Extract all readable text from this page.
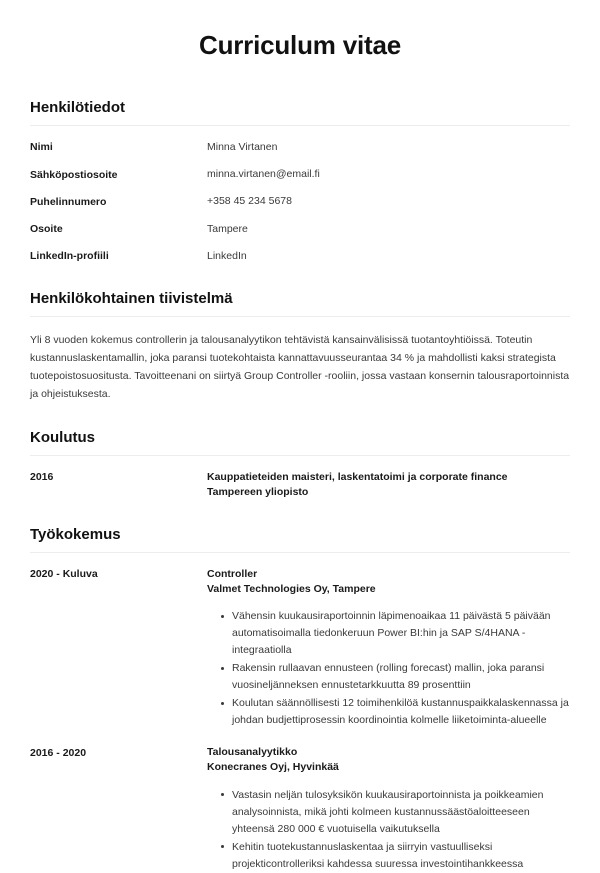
Curriculum vitae
Henkilötiedot
Nimi	Minna Virtanen
Sähköpostiosoite	minna.virtanen@email.fi
Puhelinnumero	+358 45 234 5678
Osoite	Tampere
LinkedIn-profiili	LinkedIn
Henkilökohtainen tiivistelmä

Yli 8 vuoden kokemus controllerin ja talousanalyytikon tehtävistä kansainvälisissä tuotantoyhtiöissä. Toteutin kustannuslaskentamallin, joka paransi tuotekohtaista kannattavuusseurantaa 34 % ja mahdollisti kaksi strategista tuotepoistosuositusta. Tavoitteenani on siirtyä Group Controller -rooliin, jossa vastaan konsernin talousraportoinnista ja ohjeistuksesta.

Koulutus
2016	Kauppatieteiden maisteri, laskentatoimi ja corporate finance
Tampereen yliopisto
Työkokemus
2020 - Kuluva	Controller
Valmet Technologies Oy, Tampere
Vähensin kuukausiraportoinnin läpimenoaikaa 11 päivästä 5 päivään automatisoimalla tiedonkeruun Power BI:hin ja SAP S/4HANA -integraatiolla
Rakensin rullaavan ennusteen (rolling forecast) mallin, joka paransi vuosineljänneksen ennustetarkkuutta 89 prosenttiin
Koulutan säännöllisesti 12 toimihenkilöä kustannuspaikkalaskennassa ja johdan budjettiprosessin koordinointia kolmelle liiketoiminta-alueelle
2016 - 2020	Talousanalyytikko
Konecranes Oyj, Hyvinkää
Vastasin neljän tulosyksikön kuukausiraportoinnista ja poikkeamien analysoinnista, mikä johti kolmeen kustannussäästöaloitteeseen yhteensä 280 000 € vuotuisella vaikutuksella
Kehitin tuotekustannuslaskentaa ja siirryin vastuulliseksi projekticontrolleriksi kahdessa suuressa investointihankkeessa
